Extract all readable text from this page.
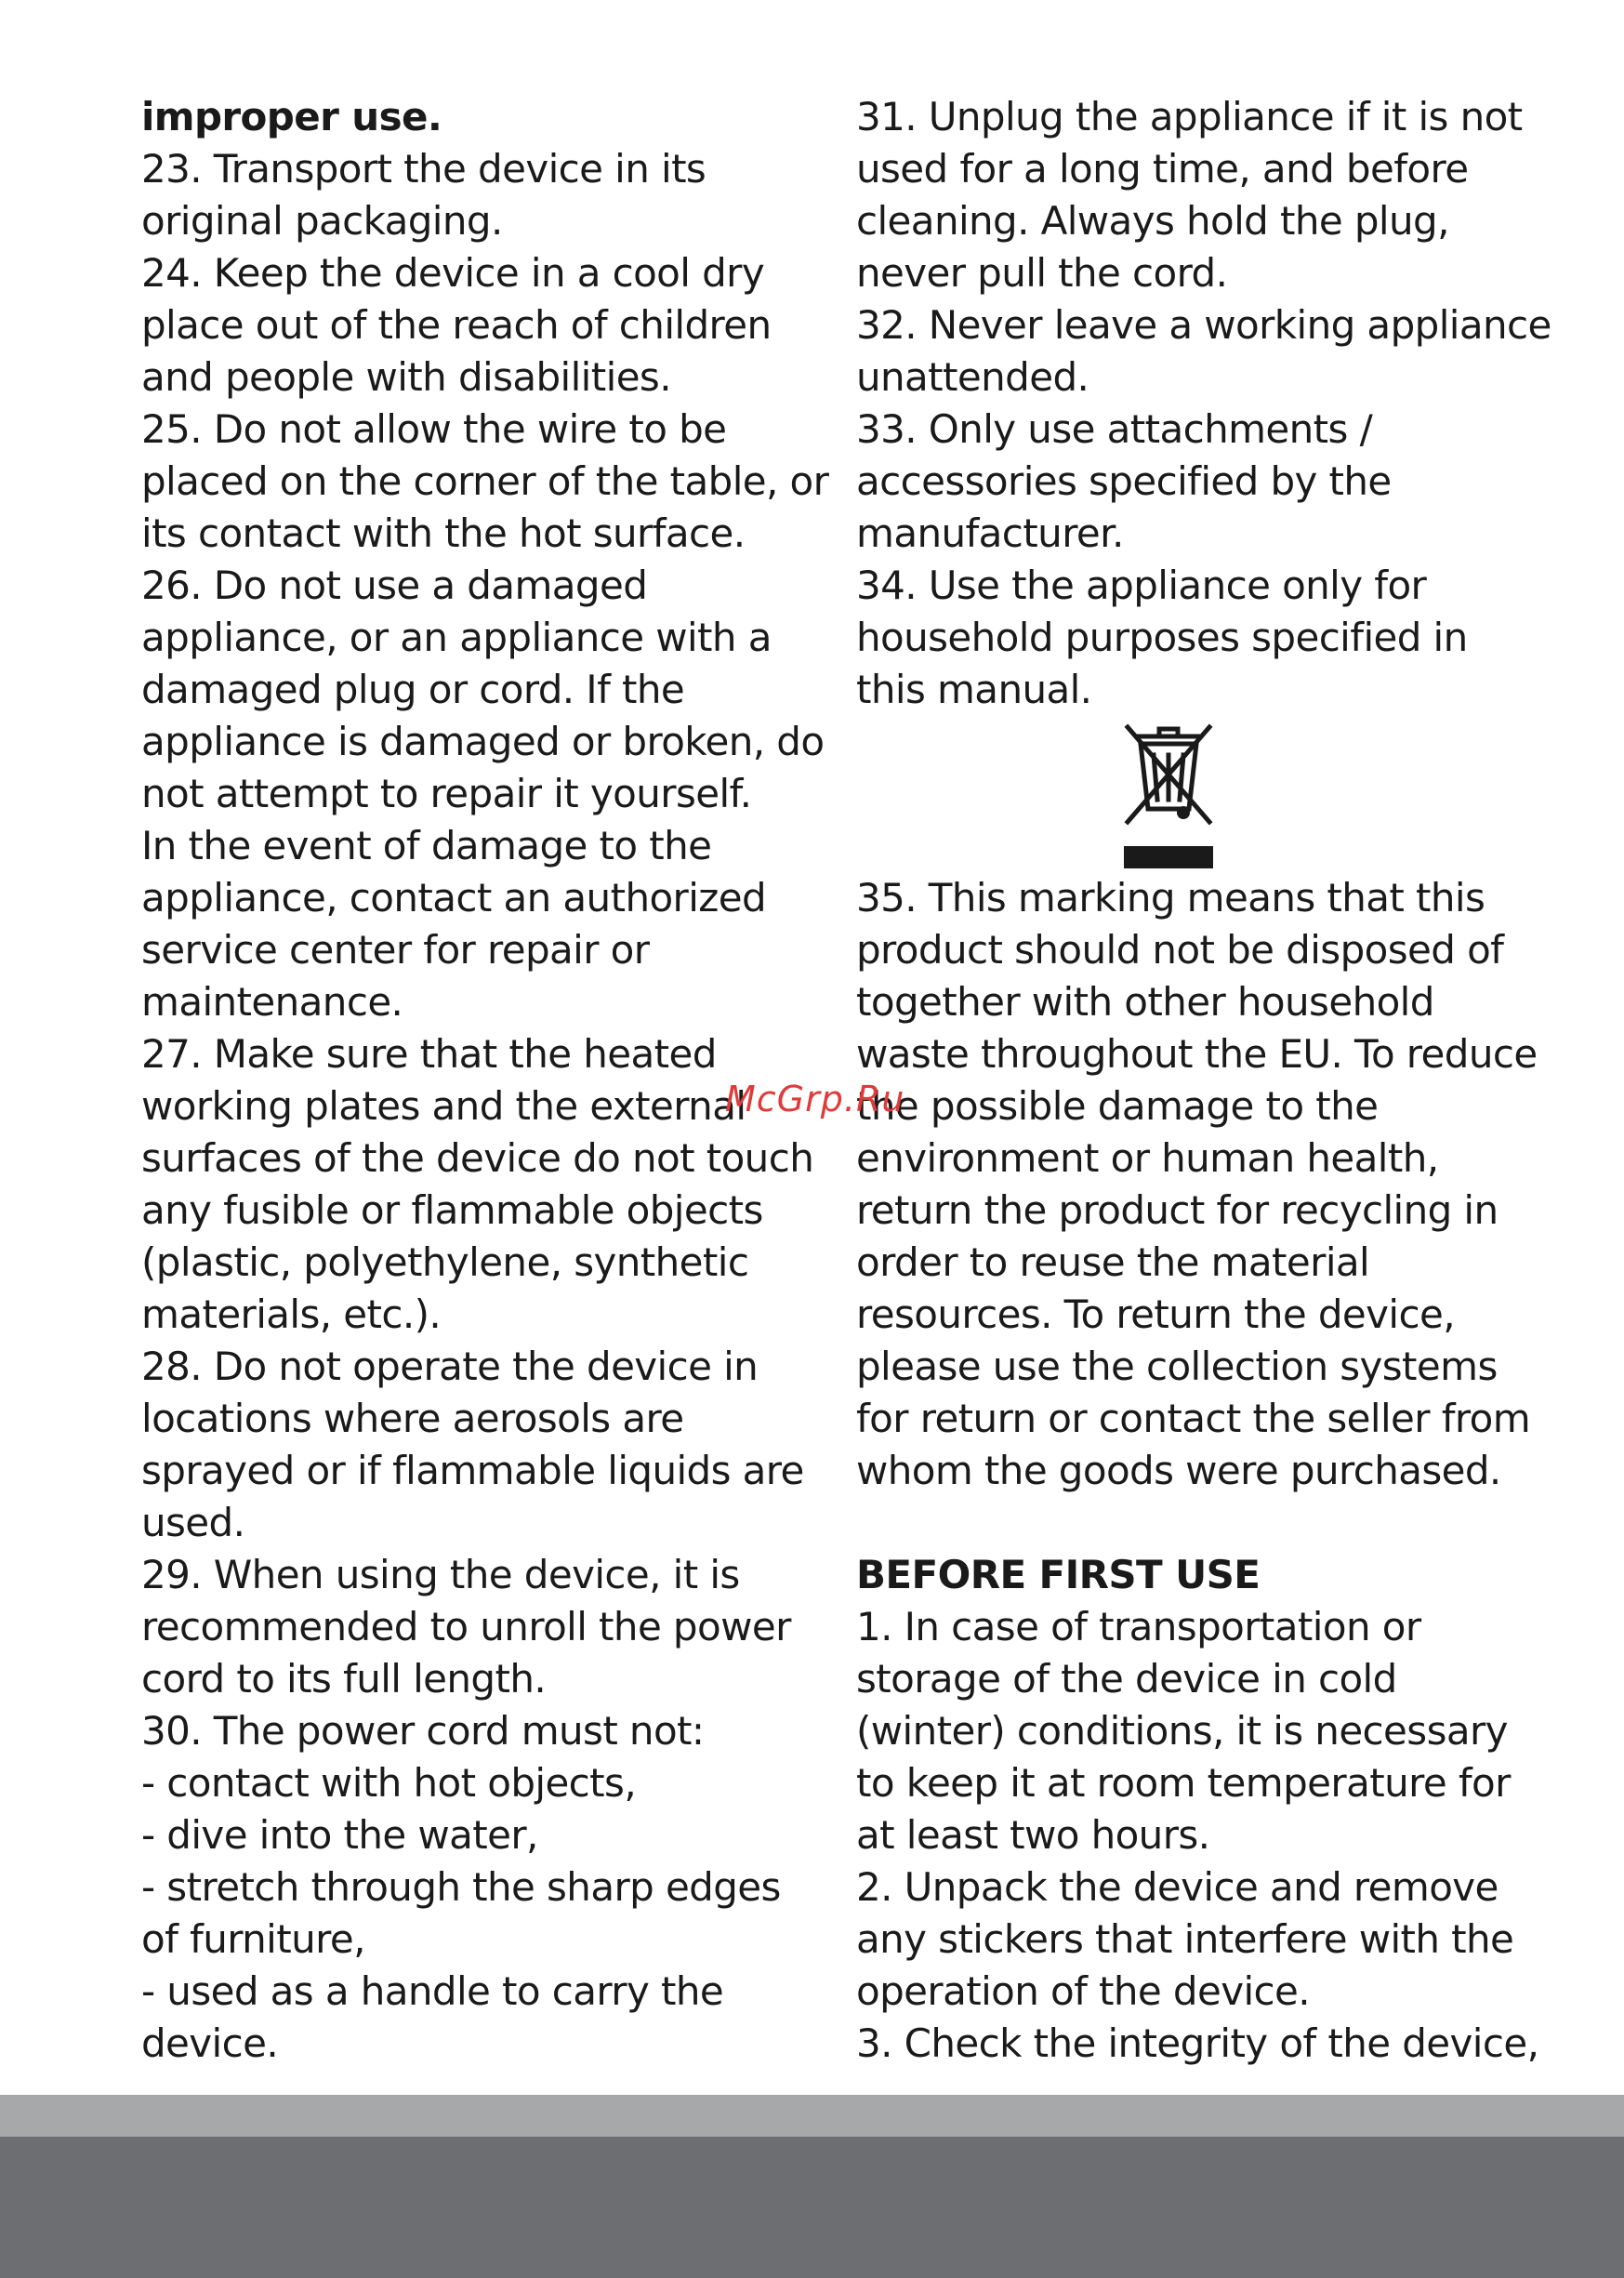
improper use.
23. Transport the device in its
original packaging.
24. Keep the device in a cool dry
place out of the reach of children
and people with disabilities.
25. Do not allow the wire to be
placed on the corner of the table, or
its contact with the hot surface.
26. Do not use a damaged
appliance, or an appliance with a
damaged plug or cord. If the
appliance is damaged or broken, do
not attempt to repair it yourself.
In the event of damage to the
appliance, contact an authorized
service center for repair or
maintenance.
27. Make sure that the heated
working plates and the external
surfaces of the device do not touch
any fusible or flammable objects
(plastic, polyethylene, synthetic
materials, etc.).
28. Do not operate the device in
locations where aerosols are
sprayed or if flammable liquids are
used.
29. When using the device, it is
recommended to unroll the power
cord to its full length.
30. The power cord must not:
- contact with hot objects,
- dive into the water,
- stretch through the sharp edges
of furniture,
- used as a handle to carry the
device.
31. Unplug the appliance if it is not
used for a long time, and before
cleaning. Always hold the plug,
never pull the cord.
32. Never leave a working appliance
unattended.
33. Only use attachments /
accessories specified by the
manufacturer.
34. Use the appliance only for
household purposes specified in
this manual.
35. This marking means that this
product should not be disposed of
together with other household
waste throughout the EU. To reduce
the possible damage to the
environment or human health,
return the product for recycling in
order to reuse the material
resources. To return the device,
please use the collection systems
for return or contact the seller from
whom the goods were purchased.
BEFORE FIRST USE
1. In case of transportation or
storage of the device in cold
(winter) conditions, it is necessary
to keep it at room temperature for
at least two hours.
2. Unpack the device and remove
any stickers that interfere with the
operation of the device.
3. Check the integrity of the device,
McGrp.Ru
